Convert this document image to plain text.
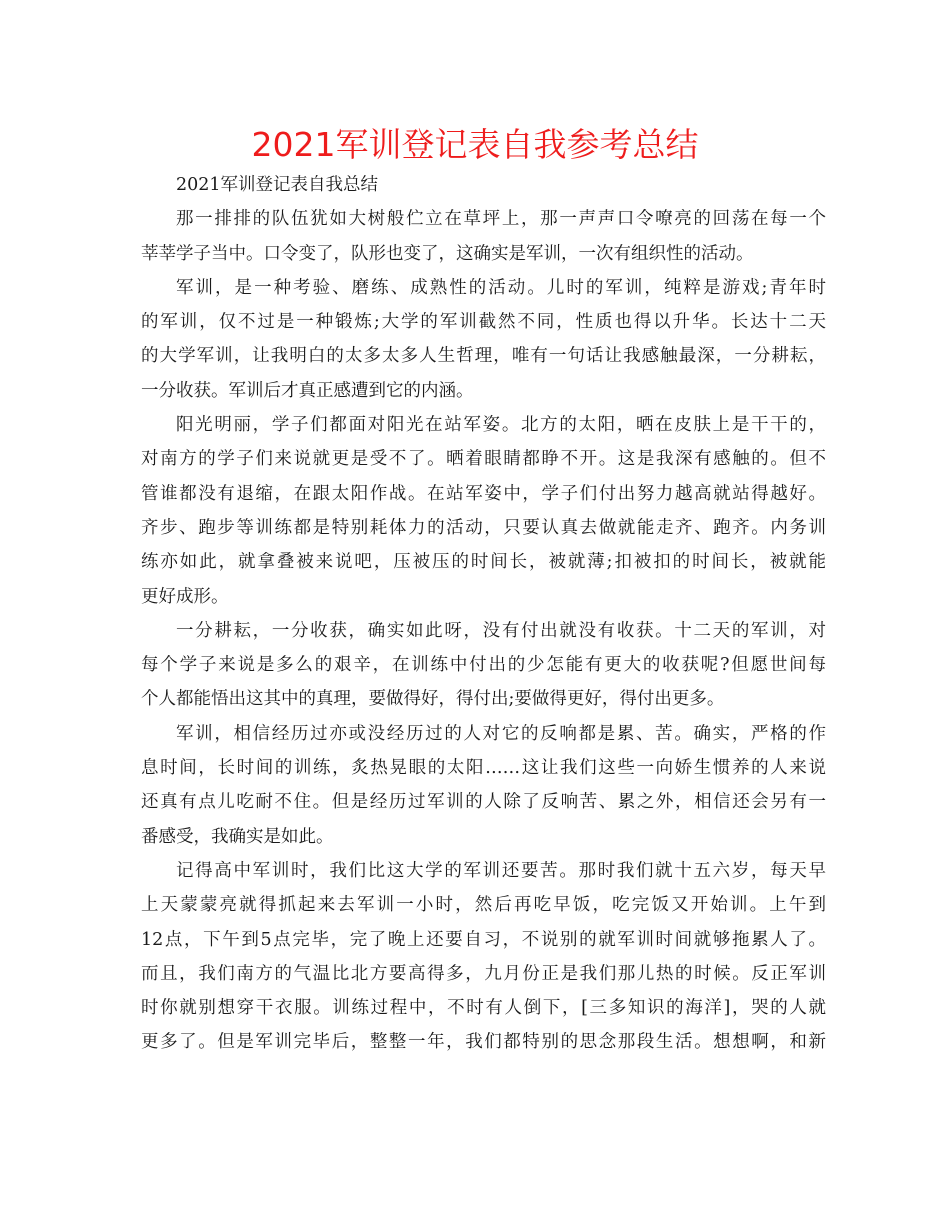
2021军训登记表自我参考总结
2021军训登记表自我总结
那一排排的队伍犹如大树般伫立在草坪上，那一声声口令嘹亮的回荡在每一个
莘莘学子当中。口令变了，队形也变了，这确实是军训，一次有组织性的活动。
军训，是一种考验、磨练、成熟性的活动。儿时的军训，纯粹是游戏;青年时
的军训，仅不过是一种锻炼;大学的军训截然不同，性质也得以升华。长达十二天
的大学军训，让我明白的太多太多人生哲理，唯有一句话让我感触最深，一分耕耘，
一分收获。军训后才真正感遭到它的内涵。
阳光明丽，学子们都面对阳光在站军姿。北方的太阳，晒在皮肤上是干干的，
对南方的学子们来说就更是受不了。晒着眼睛都睁不开。这是我深有感触的。但不
管谁都没有退缩，在跟太阳作战。在站军姿中，学子们付出努力越高就站得越好。
齐步、跑步等训练都是特别耗体力的活动，只要认真去做就能走齐、跑齐。内务训
练亦如此，就拿叠被来说吧，压被压的时间长，被就薄;扣被扣的时间长，被就能
更好成形。
一分耕耘，一分收获，确实如此呀，没有付出就没有收获。十二天的军训，对
每个学子来说是多么的艰辛，在训练中付出的少怎能有更大的收获呢?但愿世间每
个人都能悟出这其中的真理，要做得好，得付出;要做得更好，得付出更多。
军训，相信经历过亦或没经历过的人对它的反响都是累、苦。确实，严格的作
息时间，长时间的训练，炙热晃眼的太阳……这让我们这些一向娇生惯养的人来说
还真有点儿吃耐不住。但是经历过军训的人除了反响苦、累之外，相信还会另有一
番感受，我确实是如此。
记得高中军训时，我们比这大学的军训还要苦。那时我们就十五六岁，每天早
上天蒙蒙亮就得抓起来去军训一小时，然后再吃早饭，吃完饭又开始训。上午到
12点，下午到5点完毕，完了晚上还要自习，不说别的就军训时间就够拖累人了。
而且，我们南方的气温比北方要高得多，九月份正是我们那儿热的时候。反正军训
时你就别想穿干衣服。训练过程中，不时有人倒下，[三多知识的海洋]，哭的人就
更多了。但是军训完毕后，整整一年，我们都特别的思念那段生活。想想啊，和新
